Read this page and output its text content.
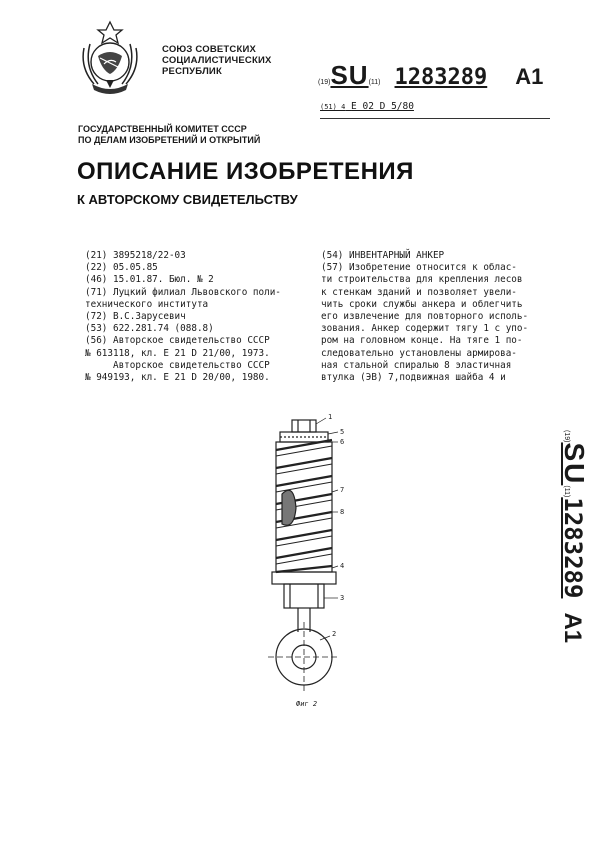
СОЮЗ СОВЕТСКИХ
СОЦИАЛИСТИЧЕСКИХ
РЕСПУБЛИК
(19)SU(11) 1283289 A1
(51) 4 E 02 D 5/80
ГОСУДАРСТВЕННЫЙ КОМИТЕТ СССР
ПО ДЕЛАМ ИЗОБРЕТЕНИЙ И ОТКРЫТИЙ
ОПИСАНИЕ ИЗОБРЕТЕНИЯ
К АВТОРСКОМУ СВИДЕТЕЛЬСТВУ
(21) 3895218/22-03
(22) 05.05.85
(46) 15.01.87. Бюл. № 2
(71) Луцкий филиал Львовского поли-
технического института
(72) В.С.Зарусевич
(53) 622.281.74 (088.8)
(56) Авторское свидетельство СССР
№ 613118, кл. E 21 D 21/00, 1973.
Авторское свидетельство СССР
№ 949193, кл. E 21 D 20/00, 1980.
(54) ИНВЕНТАРНЫЙ АНКЕР
(57) Изобретение относится к облас-
ти строительства для крепления лесов
к стенкам зданий и позволяет увели-
чить сроки службы анкера и облегчить
его извлечение для повторного исполь-
зования. Анкер содержит тягу 1 с упо-
ром на головном конце. На тяге 1 по-
следовательно установлены армирова-
ная стальной спиралью 8 эластичная
втулка (ЭВ) 7,подвижная шайба 4 и
1
5
6
7
8
4
3
2
Фиг 2
(19)SU(11)1283289A1
